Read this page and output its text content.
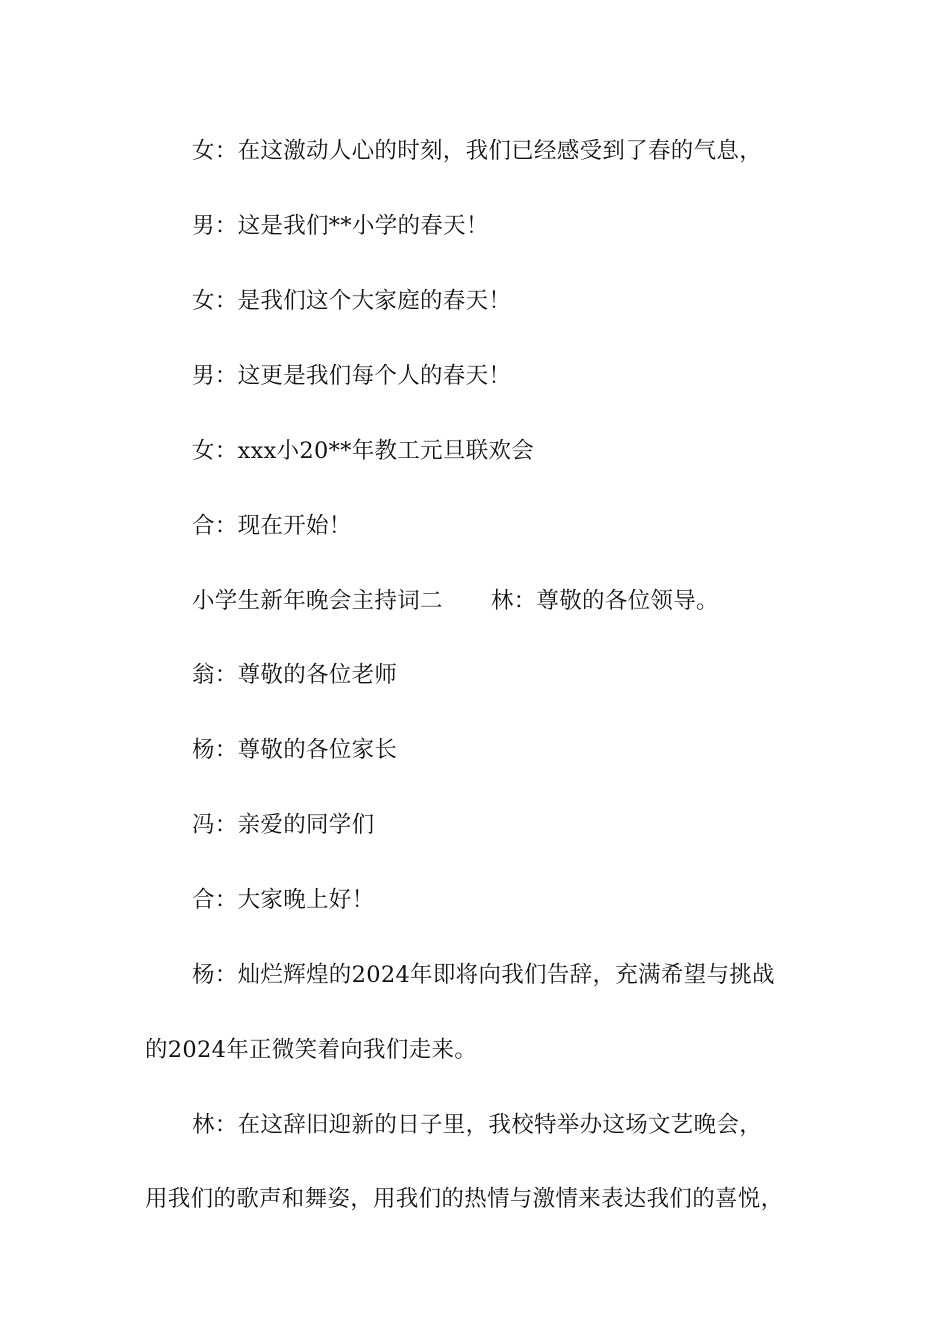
女：在这激动人心的时刻，我们已经感受到了春的气息，
男：这是我们**小学的春天！
女：是我们这个大家庭的春天！
男：这更是我们每个人的春天！
女：xxx小20**年教工元旦联欢会
合：现在开始！
小学生新年晚会主持词二 林：尊敬的各位领导。
翁：尊敬的各位老师
杨：尊敬的各位家长
冯：亲爱的同学们
合：大家晚上好！
杨：灿烂辉煌的2024年即将向我们告辞，充满希望与挑战
的2024年正微笑着向我们走来。
林：在这辞旧迎新的日子里，我校特举办这场文艺晚会，
用我们的歌声和舞姿，用我们的热情与激情来表达我们的喜悦，
